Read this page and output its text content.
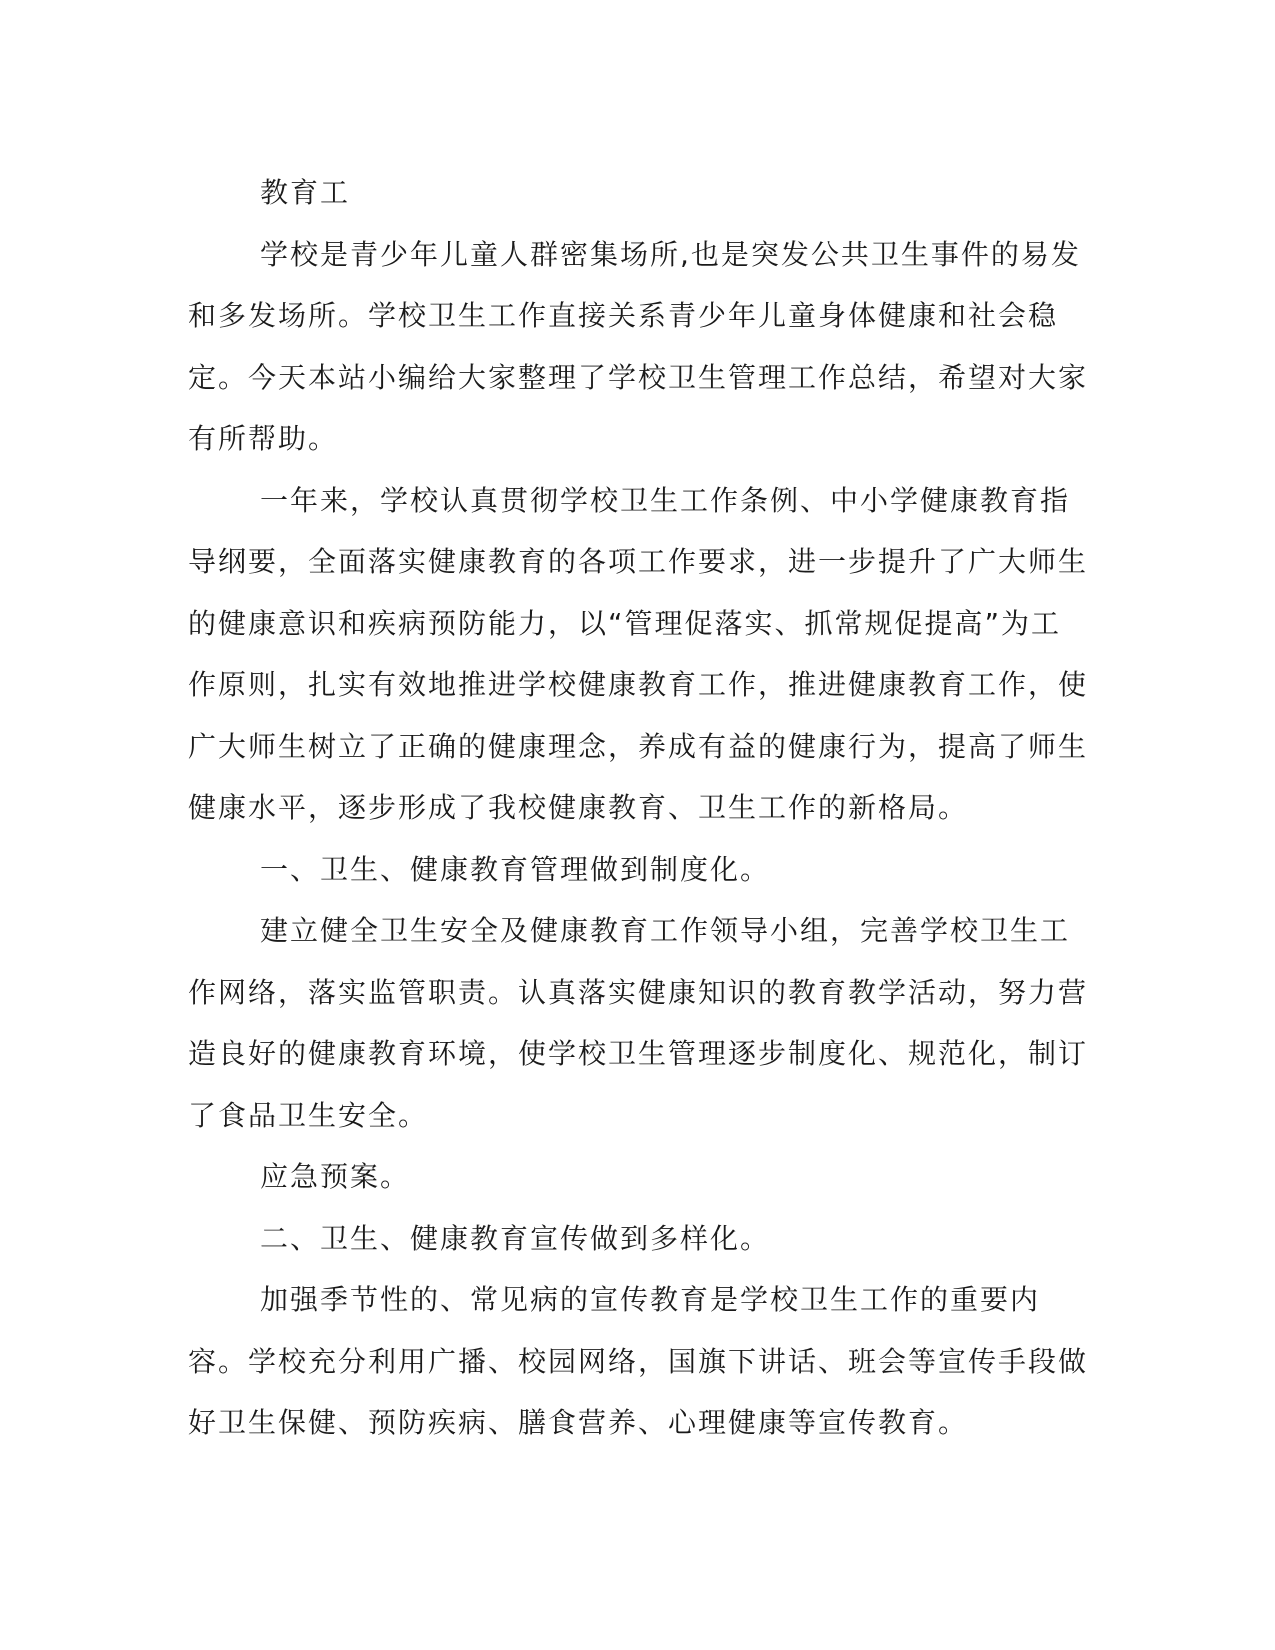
教育工

学校是青少年儿童人群密集场所,也是突发公共卫生事件的易发和多发场所。学校卫生工作直接关系青少年儿童身体健康和社会稳定。今天本站小编给大家整理了学校卫生管理工作总结，希望对大家有所帮助。

一年来，学校认真贯彻学校卫生工作条例、中小学健康教育指导纲要，全面落实健康教育的各项工作要求，进一步提升了广大师生的健康意识和疾病预防能力，以“管理促落实、抓常规促提高”为工作原则，扎实有效地推进学校健康教育工作，推进健康教育工作，使广大师生树立了正确的健康理念，养成有益的健康行为，提高了师生健康水平，逐步形成了我校健康教育、卫生工作的新格局。

一、卫生、健康教育管理做到制度化。

建立健全卫生安全及健康教育工作领导小组，完善学校卫生工作网络，落实监管职责。认真落实健康知识的教育教学活动，努力营造良好的健康教育环境，使学校卫生管理逐步制度化、规范化，制订了食品卫生安全。

应急预案。

二、卫生、健康教育宣传做到多样化。

加强季节性的、常见病的宣传教育是学校卫生工作的重要内容。学校充分利用广播、校园网络，国旗下讲话、班会等宣传手段做好卫生保健、预防疾病、膳食营养、心理健康等宣传教育。
